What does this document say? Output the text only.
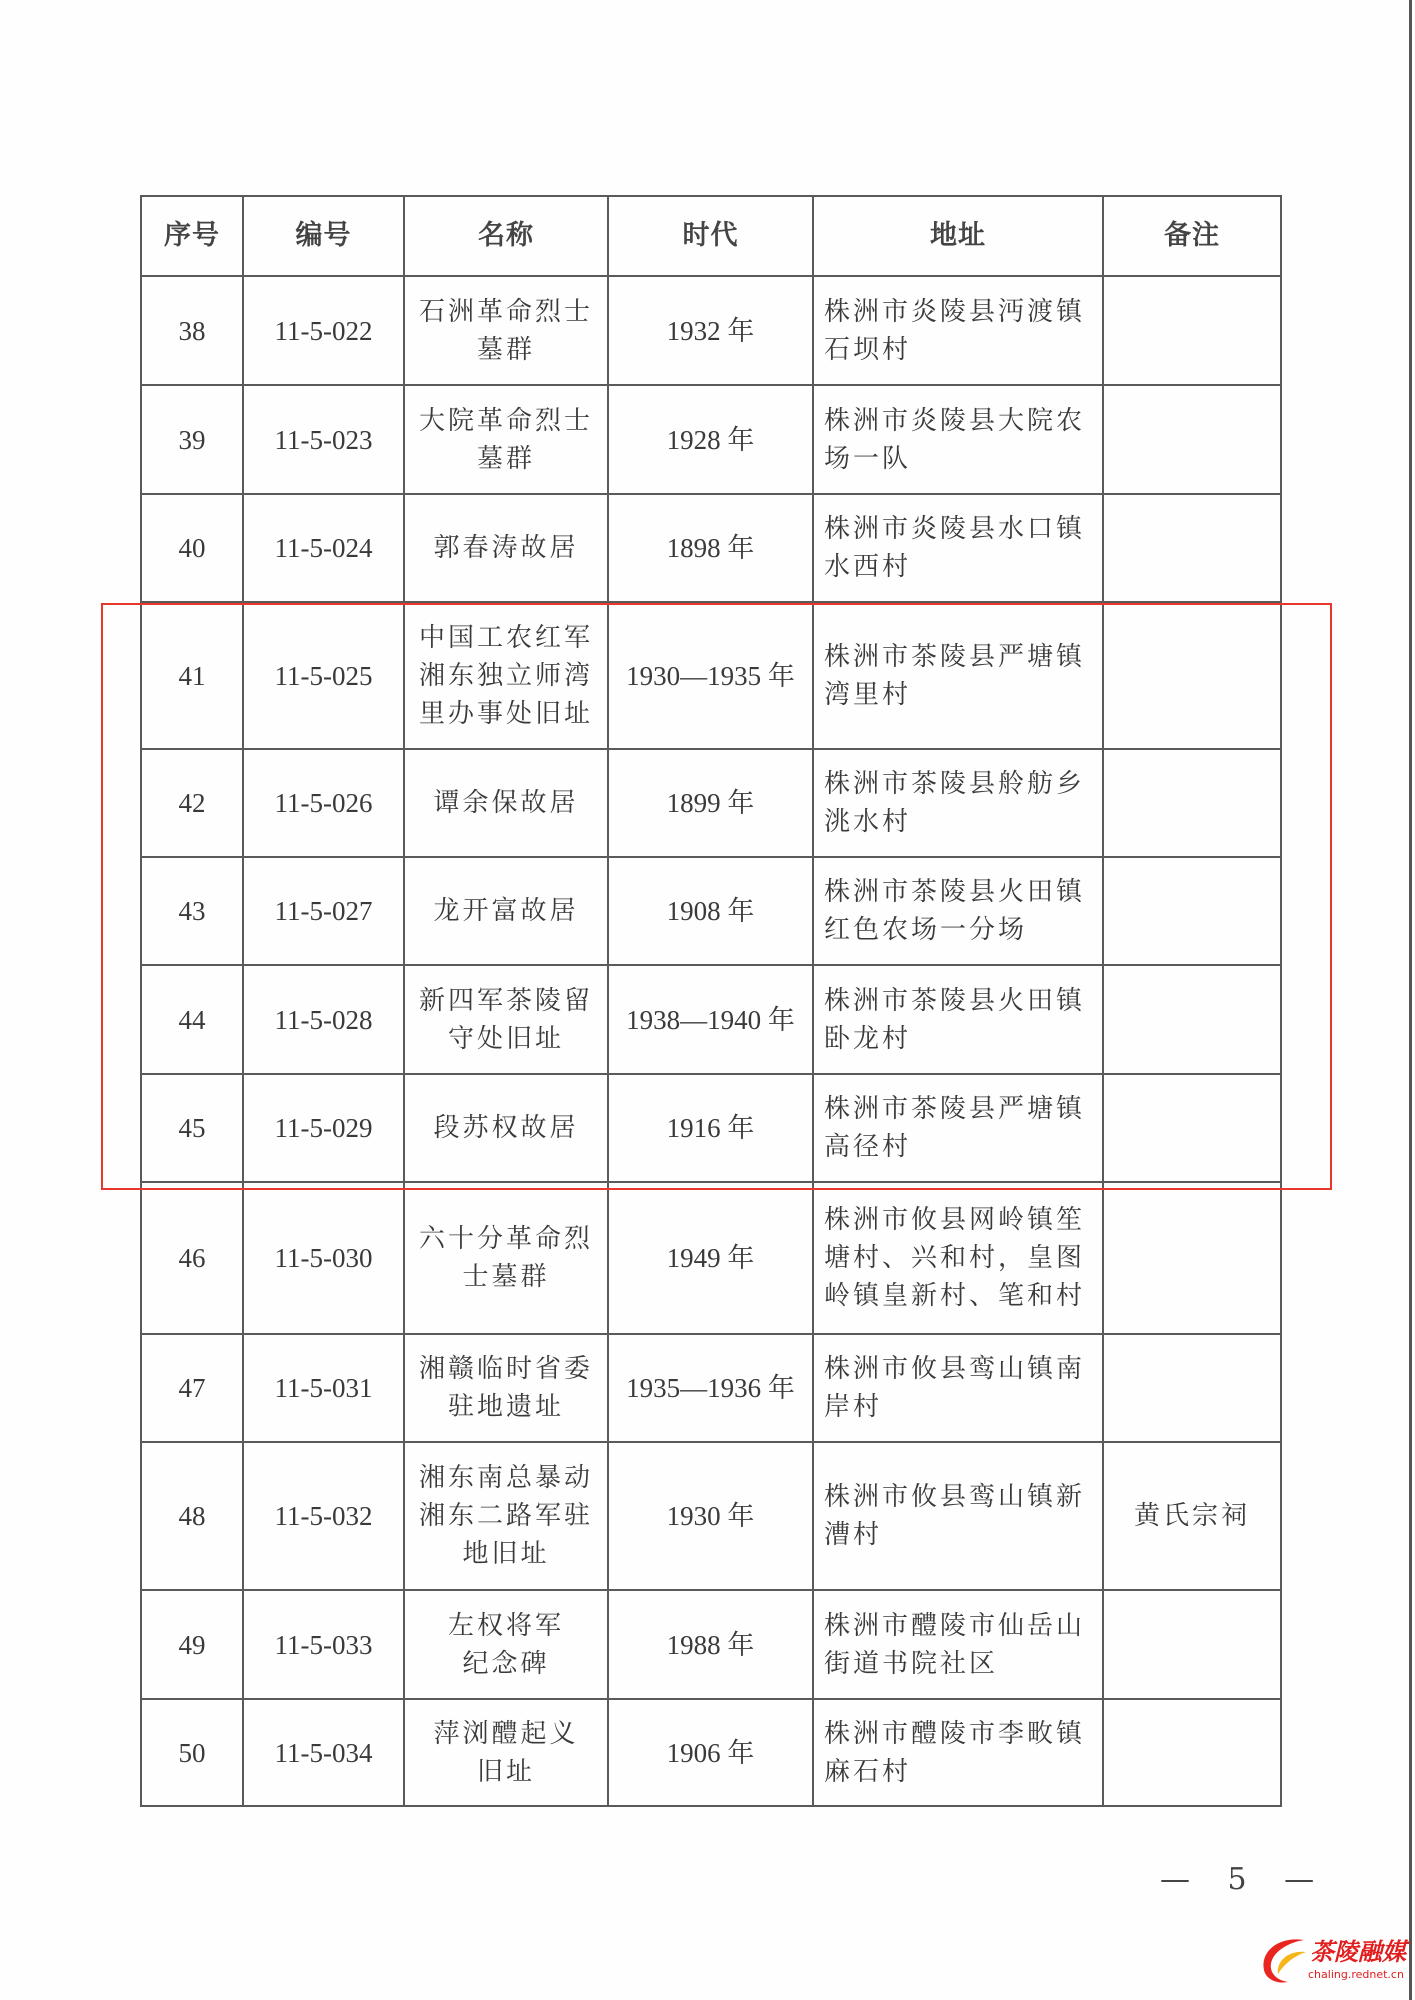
序号	编号	名称	时代	地址	备注
38	11-5-022	石洲革命烈士
墓群	1932 年	株洲市炎陵县沔渡镇石坝村	
39	11-5-023	大院革命烈士
墓群	1928 年	株洲市炎陵县大院农场一队	
40	11-5-024	郭春涛故居	1898 年	株洲市炎陵县水口镇水西村	
41	11-5-025	中国工农红军
湘东独立师湾
里办事处旧址	1930—1935 年	株洲市茶陵县严塘镇湾里村	
42	11-5-026	谭余保故居	1899 年	株洲市茶陵县舲舫乡洮水村	
43	11-5-027	龙开富故居	1908 年	株洲市茶陵县火田镇红色农场一分场	
44	11-5-028	新四军茶陵留
守处旧址	1938—1940 年	株洲市茶陵县火田镇卧龙村	
45	11-5-029	段苏权故居	1916 年	株洲市茶陵县严塘镇高径村	
46	11-5-030	六十分革命烈
士墓群	1949 年	株洲市攸县网岭镇笙塘村、兴和村，皇图岭镇皇新村、笔和村	
47	11-5-031	湘赣临时省委
驻地遗址	1935—1936 年	株洲市攸县鸾山镇南岸村	
48	11-5-032	湘东南总暴动
湘东二路军驻
地旧址	1930 年	株洲市攸县鸾山镇新漕村	黄氏宗祠
49	11-5-033	左权将军
纪念碑	1988 年	株洲市醴陵市仙岳山街道书院社区	
50	11-5-034	萍浏醴起义
旧址	1906 年	株洲市醴陵市李畋镇麻石村	
— 5 —
茶陵融媒
chaling.rednet.cn
